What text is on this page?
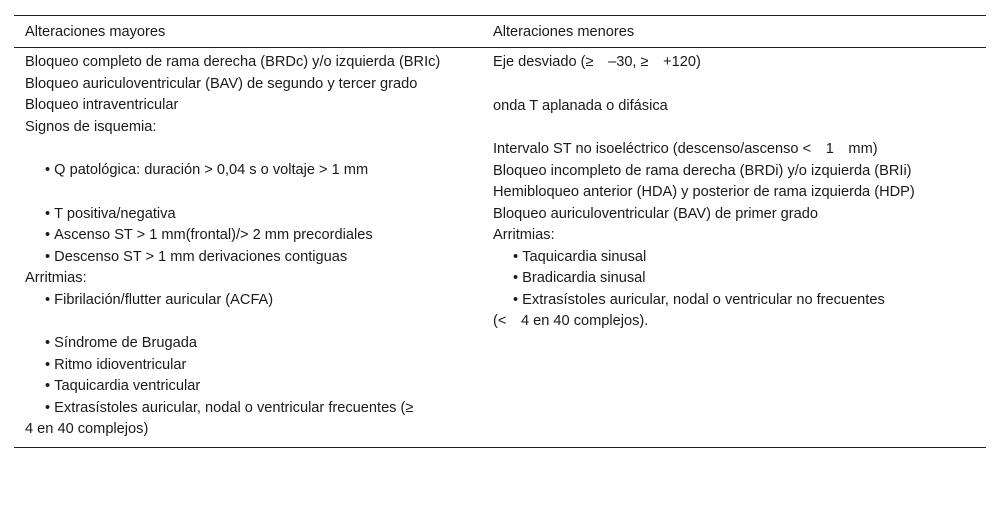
Alteraciones mayores	Alteraciones menores
Bloqueo completo de rama derecha (BRDc) y/o izquierda (BRIc)
Bloqueo auriculoventricular (BAV) de segundo y tercer grado
Bloqueo intraventricular
Signos de isquemia:
• Q patológica: duración > 0,04 s o voltaje > 1 mm
• T positiva/negativa
• Ascenso ST > 1 mm(frontal)/> 2 mm precordiales
• Descenso ST > 1 mm derivaciones contiguas
Arritmias:
• Fibrilación/flutter auricular (ACFA)
• Síndrome de Brugada
• Ritmo idioventricular
• Taquicardia ventricular
• Extrasístoles auricular, nodal o ventricular frecuentes (≥
4 en 40 complejos)
Eje desviado (≥ –30, ≥ +120)
onda T aplanada o difásica
Intervalo ST no isoeléctrico (descenso/ascenso < 1 mm)
Bloqueo incompleto de rama derecha (BRDi) y/o izquierda (BRIi)
Hemibloqueo anterior (HDA) y posterior de rama izquierda (HDP)
Bloqueo auriculoventricular (BAV) de primer grado
Arritmias:
• Taquicardia sinusal
• Bradicardia sinusal
• Extrasístoles auricular, nodal o ventricular no frecuentes
(< 4 en 40 complejos).
